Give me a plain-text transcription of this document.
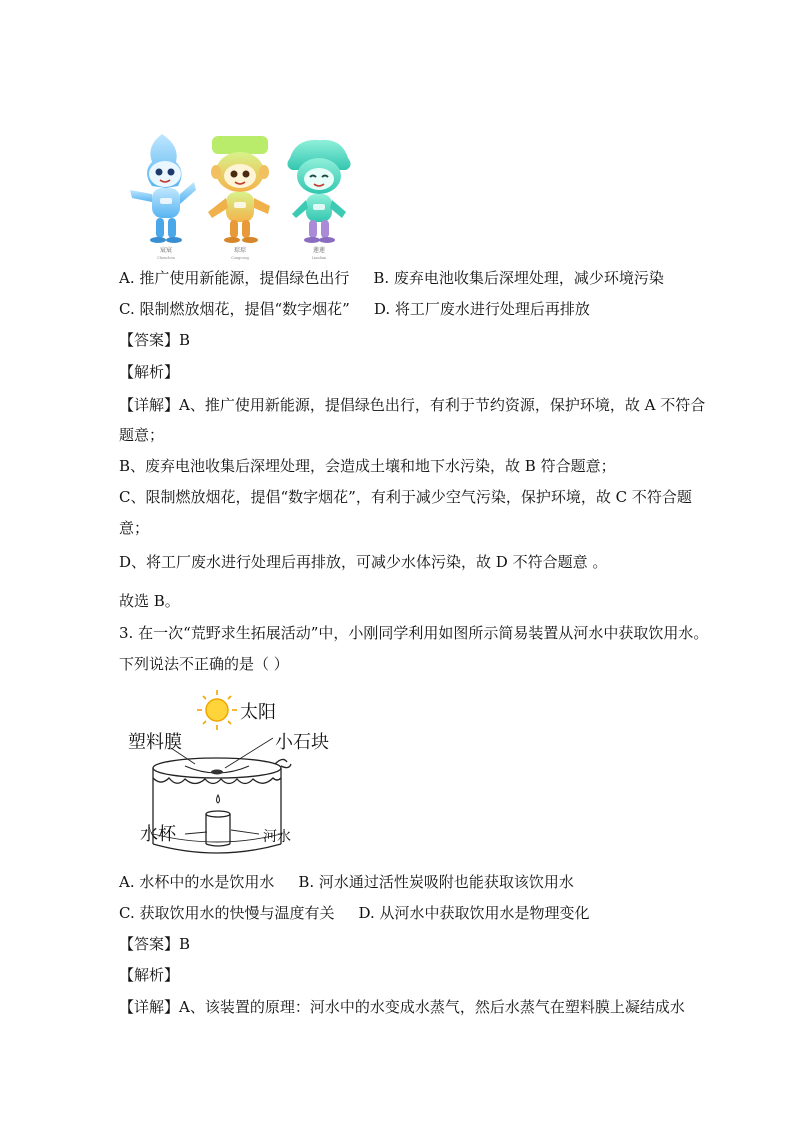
宸宸
Chenchen
琮琮
Congcong
莲莲
Lianlian
A. 推广使用新能源，提倡绿色出行 B. 废弃电池收集后深埋处理，减少环境污染
C. 限制燃放烟花，提倡“数字烟花” D. 将工厂废水进行处理后再排放
【答案】B
【解析】
【详解】A、推广使用新能源，提倡绿色出行，有利于节约资源，保护环境，故 A 不符合
题意；
B、废弃电池收集后深埋处理，会造成土壤和地下水污染，故 B 符合题意；
C、限制燃放烟花，提倡“数字烟花”，有利于减少空气污染，保护环境，故 C 不符合题
意；
D、将工厂废水进行处理后再排放，可减少水体污染，故 D 不符合题意 。
故选 B。
3. 在一次“荒野求生拓展活动”中，小刚同学利用如图所示简易装置从河水中获取饮用水。
下列说法不正确的是（ ）
太阳
塑料膜	小石块
水杯	河水
A. 水杯中的水是饮用水 B. 河水通过活性炭吸附也能获取该饮用水
C. 获取饮用水的快慢与温度有关 D. 从河水中获取饮用水是物理变化
【答案】B
【解析】
【详解】A、该装置的原理：河水中的水变成水蒸气，然后水蒸气在塑料膜上凝结成水
